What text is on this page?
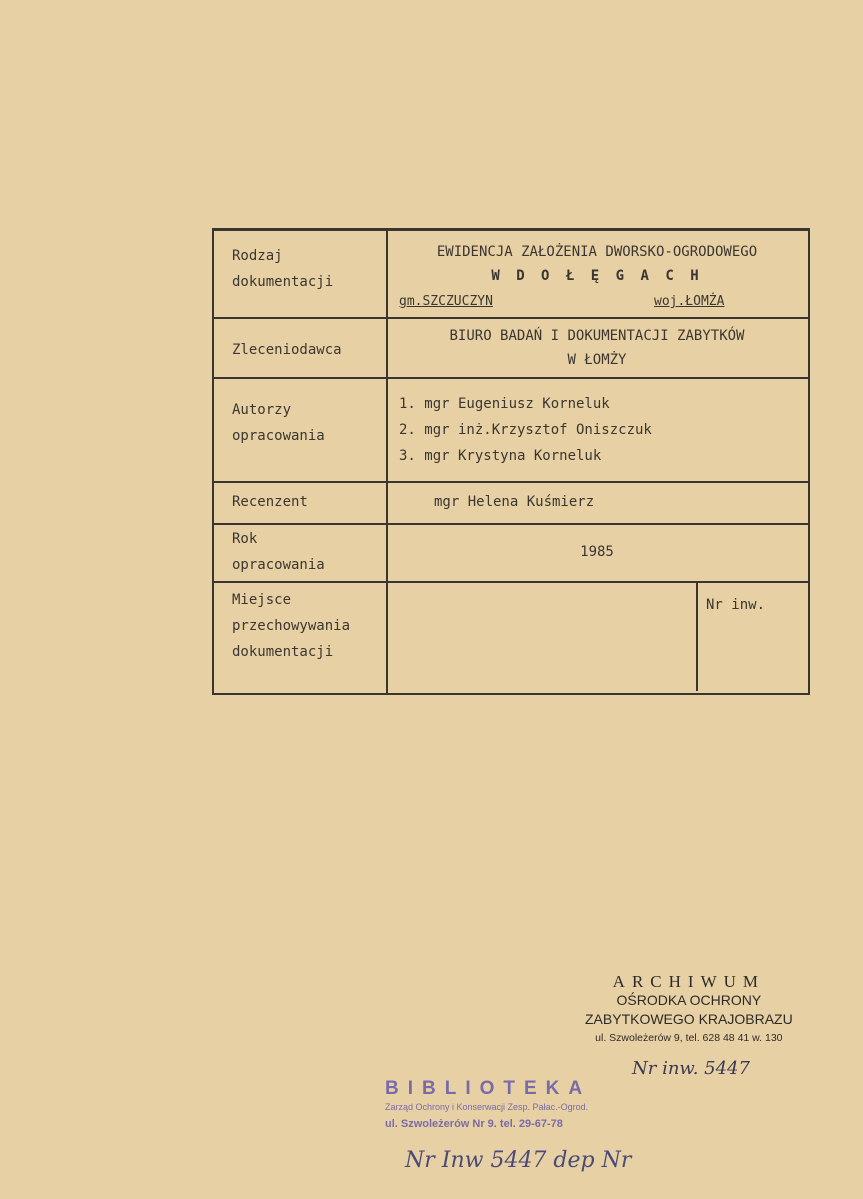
Rodzaj
dokumentacji
EWIDENCJA ZAŁOŻENIA DWORSKO-OGRODOWEGO
W D O Ł Ę G A C H
gm.SZCZUCZYN	woj.ŁOMŻA
Zleceniodawca
BIURO BADAŃ I DOKUMENTACJI ZABYTKÓW
W ŁOMŻY
Autorzy
opracowania
1. mgr Eugeniusz Korneluk
2. mgr inż.Krzysztof Oniszczuk
3. mgr Krystyna Korneluk
Recenzent	mgr Helena Kuśmierz
Rok
opracowania
1985
Miejsce
przechowywania
dokumentacji
Nr inw.
ARCHIWUM
OŚRODKA OCHRONY
ZABYTKOWEGO KRAJOBRAZU
ul. Szwoleżerów 9, tel. 628 48 41 w. 130
Nr inw. 5447
BIBLIOTEKA
Zarząd Ochrony i Konserwacji Zesp. Pałac.-Ogrod.
ul. Szwoleżerów Nr 9. tel. 29-67-78
Nr Inw 5447 dep Nr
